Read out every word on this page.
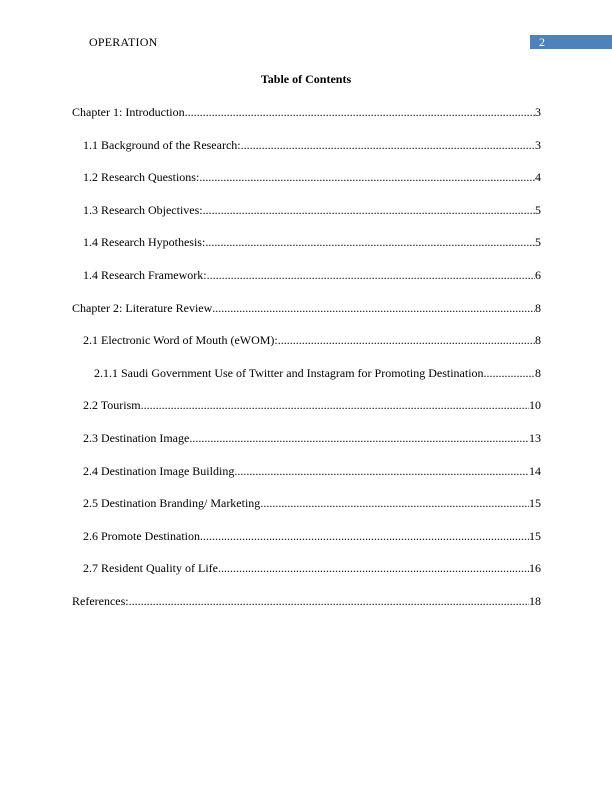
OPERATION	2
Table of Contents
Chapter 1: Introduction .....	3
1.1 Background of the Research: .....	3
1.2 Research Questions: .....	4
1.3 Research Objectives: .....	5
1.4 Research Hypothesis: .....	5
1.4 Research Framework: .....	6
Chapter 2: Literature Review .....	8
2.1 Electronic Word of Mouth (eWOM): .....	8
2.1.1 Saudi Government Use of Twitter and Instagram for Promoting Destination .....	8
2.2 Tourism .....	10
2.3 Destination Image .....	13
2.4 Destination Image Building .....	14
2.5 Destination Branding/ Marketing .....	15
2.6 Promote Destination .....	15
2.7 Resident Quality of Life .....	16
References: .....	18
